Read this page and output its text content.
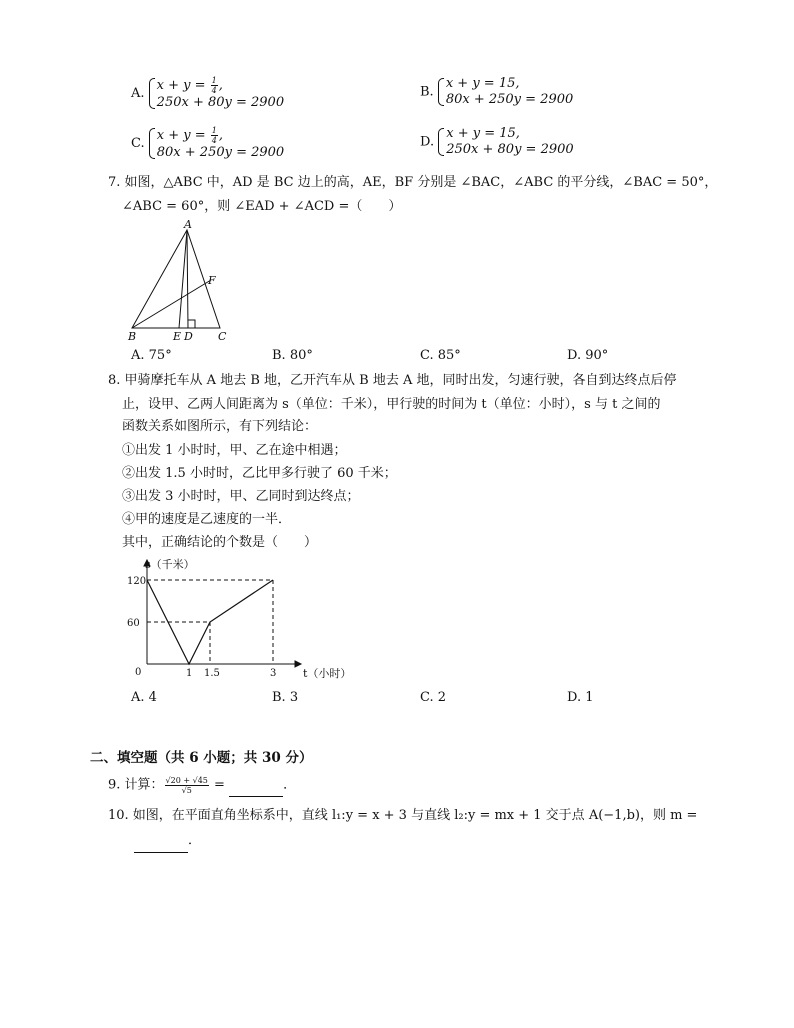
A.
$x + y = \frac{1}{4}$ ,
250x + 80y = 2900
B.
x + y = 15,
80x + 250y = 2900
C.
$x + y = \frac{1}{4}$ ,
80x + 250y = 2900
D.
x + y = 15,
250x + 80y = 2900
7. 如图，△ABC 中，AD 是 BC 边上的高，AE，BF 分别是 ∠BAC，∠ABC 的平分线，∠BAC = 50°，
∠ABC = 60°，则 ∠EAD + ∠ACD =（　　）
A
B	C
D
E
F
A. 75°	B. 80°	C. 85°	D. 90°
8. 甲骑摩托车从 A 地去 B 地，乙开汽车从 B 地去 A 地，同时出发，匀速行驶，各自到达终点后停
止，设甲、乙两人间距离为 s（单位：千米），甲行驶的时间为 t（单位：小时），s 与 t 之间的
函数关系如图所示，有下列结论：
①出发 1 小时时，甲、乙在途中相遇；
②出发 1.5 小时时，乙比甲多行驶了 60 千米；
③出发 3 小时时，甲、乙同时到达终点；
④甲的速度是乙速度的一半．
其中，正确结论的个数是（　　）
1 1.5	3
120
60
s（千米）
t（小时）
0
A. 4	B. 3	C. 2	D. 1
二、填空题（共 6 小题；共 30 分）
9. 计算： $\frac{√20 + √45}{√5}$ =	．
10. 如图，在平面直角坐标系中，直线 l₁:y = x + 3 与直线 l₂:y = mx + 1 交于点 A(−1,b)，则 m =
．
